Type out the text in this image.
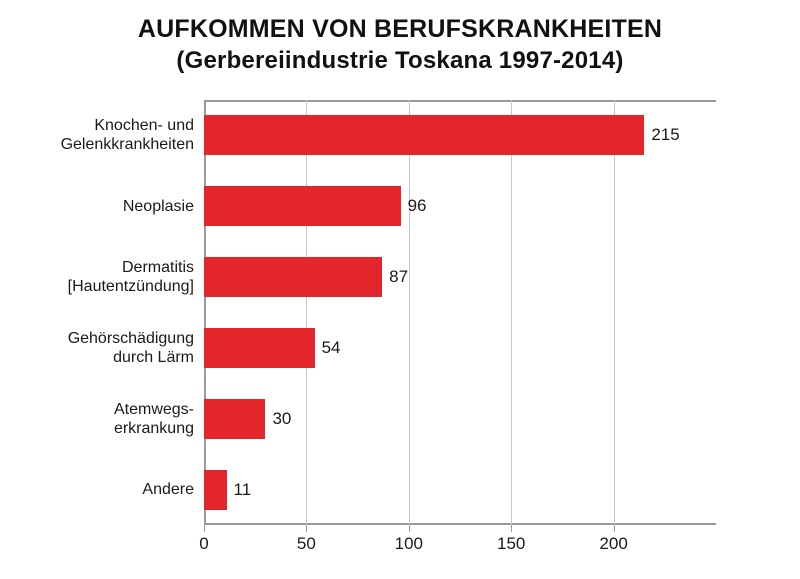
AUFKOMMEN VON BERUFSKRANKHEITEN
(Gerbereiindustrie Toskana 1997-2014)
Knochen- und
Gelenkkrankheiten
Neoplasie
Dermatitis
[Hautentzündung]
Gehörschädigung
durch Lärm
Atemwegs-
erkrankung
Andere
215
96
87
54
30
11
0	50	100	150	200
